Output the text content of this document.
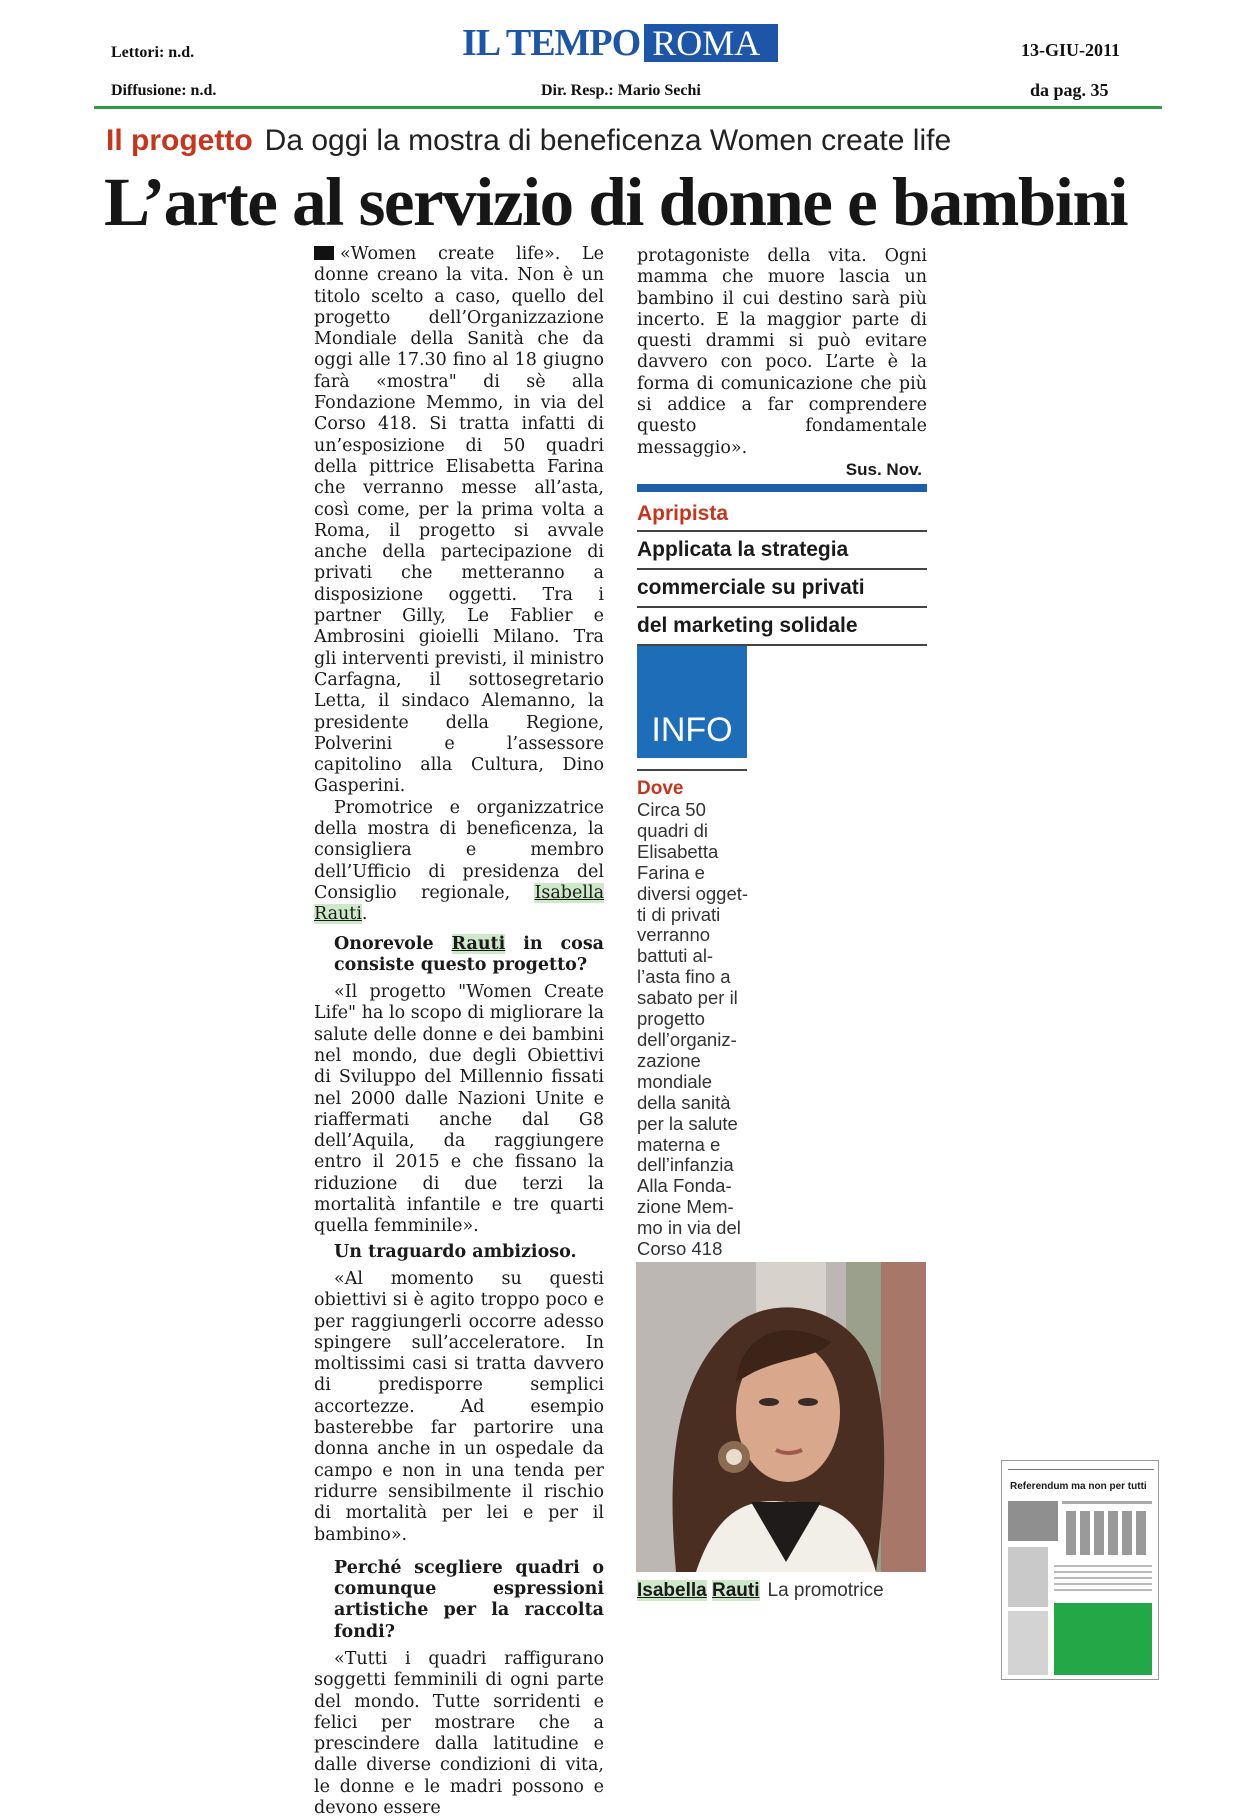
Lettori: n.d.
Diffusione: n.d.
IL TEMPO ROMA
Dir. Resp.: Mario Sechi
13-GIU-2011
da pag. 35
Il progetto Da oggi la mostra di beneficenza Women create life
L’arte al servizio di donne e bambini

«Women create life». Le donne creano la vita. Non è un titolo scelto a caso, quello del progetto dell’Organizzazione Mondiale della Sanità che da oggi alle 17.30 fino al 18 giugno farà «mostra" di sè alla Fondazione Memmo, in via del Corso 418. Si tratta infatti di un’esposizione di 50 quadri della pittrice Elisabetta Farina che verranno messe all’asta, così come, per la prima volta a Roma, il progetto si avvale anche della partecipazione di privati che metteranno a disposizione oggetti. Tra i partner Gilly, Le Fablier e Ambrosini gioielli Milano. Tra gli interventi previsti, il ministro Carfagna, il sottosegretario Letta, il sindaco Alemanno, la presidente della Regione, Polverini e l’assessore capitolino alla Cultura, Dino Gasperini.

Promotrice e organizzatrice della mostra di beneficenza, la consigliera e membro dell’Ufficio di presidenza del Consiglio regionale, Isabella Rauti.

Onorevole Rauti in cosa consiste questo progetto?

«Il progetto "Women Create Life" ha lo scopo di migliorare la salute delle donne e dei bambini nel mondo, due degli Obiettivi di Sviluppo del Millennio fissati nel 2000 dalle Nazioni Unite e riaffermati anche dal G8 dell’Aquila, da raggiungere entro il 2015 e che fissano la riduzione di due terzi la mortalità infantile e tre quarti quella femminile».

Un traguardo ambizioso.

«Al momento su questi obiettivi si è agito troppo poco e per raggiungerli occorre adesso spingere sull’acceleratore. In moltissimi casi si tratta davvero di predisporre semplici accortezze. Ad esempio basterebbe far partorire una donna anche in un ospedale da campo e non in una tenda per ridurre sensibilmente il rischio di mortalità per lei e per il bambino».

Perché scegliere quadri o comunque espressioni artistiche per la raccolta fondi?

«Tutti i quadri raffigurano soggetti femminili di ogni parte del mondo. Tutte sorridenti e felici per mostrare che a prescindere dalla latitudine e dalle diverse condizioni di vita, le donne e le madri possono e devono essere

protagoniste della vita. Ogni mamma che muore lascia un bambino il cui destino sarà più incerto. E la maggior parte di questi drammi si può evitare davvero con poco. L’arte è la forma di comunicazione che più si addice a far comprendere questo fondamentale messaggio».
Sus. Nov.
Apripista
Applicata la strategia
commerciale su privati
del marketing solidale
INFO
Dove
Circa 50
quadri di
Elisabetta
Farina e
diversi ogget-
ti di privati
verranno
battuti al-
l’asta fino a
sabato per il
progetto
dell’organiz-
zazione
mondiale
della sanità
per la salute
materna e
dell’infanzia
Alla Fonda-
zione Mem-
mo in via del
Corso 418
Isabella Rauti La promotrice
Referendum ma non per tutti
